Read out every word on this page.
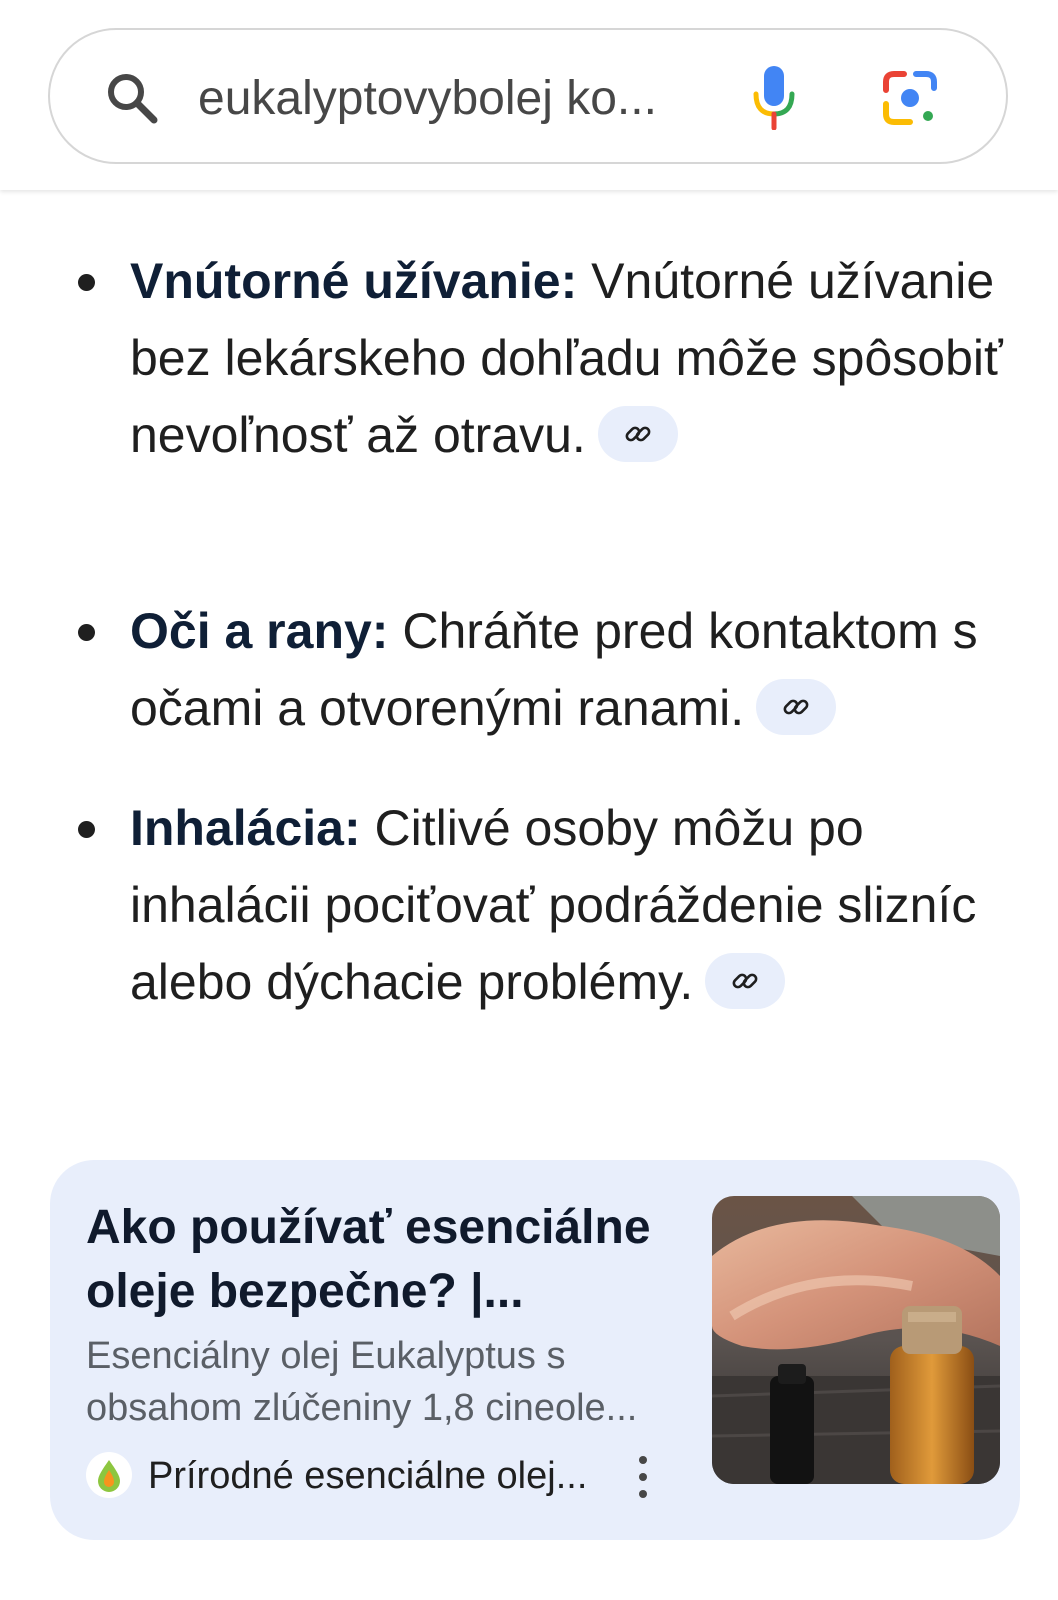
eukalyptovybolej ko...
Vnútorné užívanie: Vnútorné užívanie bez lekárskeho dohľadu môže spôsobiť nevoľnosť až otravu.
Oči a rany: Chráňte pred kontaktom s očami a otvorenými ranami.
Inhalácia: Citlivé osoby môžu po inhalácii pociťovať podráždenie slizníc alebo dýchacie problémy.
Ako používať esenciálne oleje bezpečne? |...
Esenciálny olej Eukalyptus s obsahom zlúčeniny 1,8 cineole...
Prírodné esenciálne olej...
